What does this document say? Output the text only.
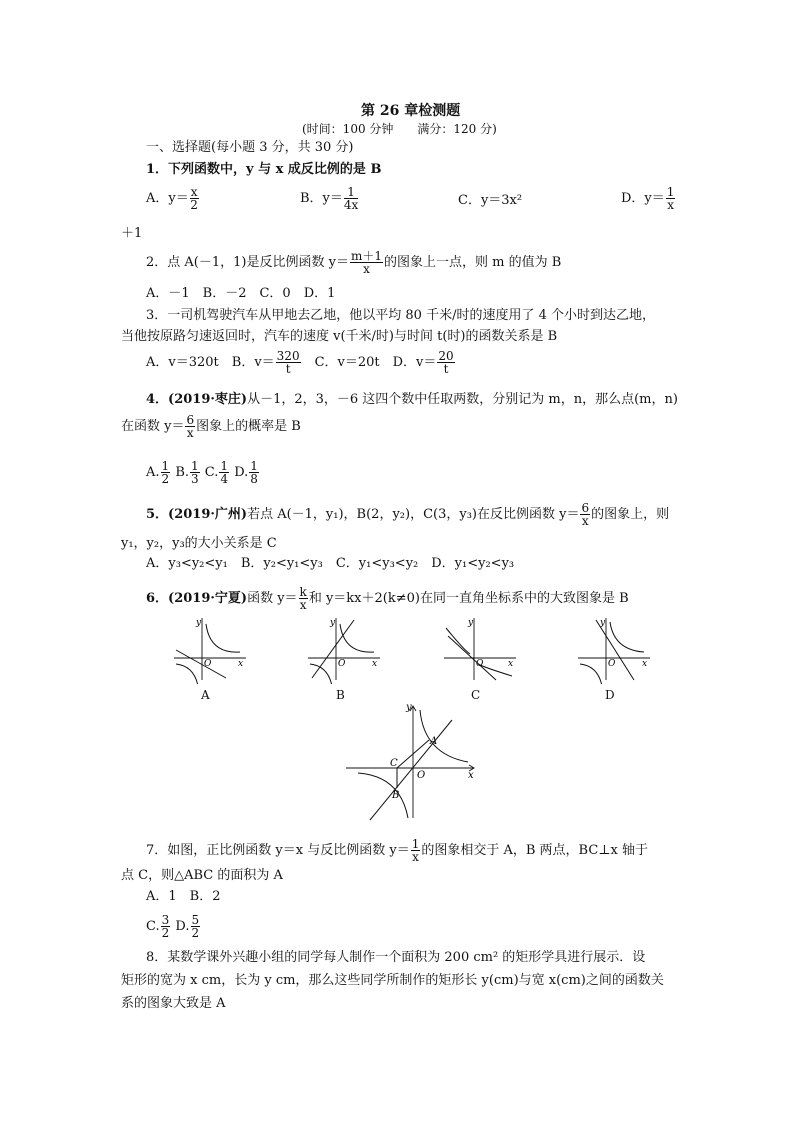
第 26 章检测题
(时间：100 分钟　　满分：120 分)
一、选择题(每小题 3 分，共 30 分)
1．下列函数中，y 与 x 成反比例的是 B
A．$y= \frac{x}{2}$	B．$y= \frac{1}{4x}$	C．y＝3x²	D．$y= \frac{1}{x}$
＋1
2．点 A(－1，1)是反比例函数 $y= \frac{m+1}{x}$ 的图象上一点，则 m 的值为 B
A．－1　B．－2　C．0　D．1
3．一司机驾驶汽车从甲地去乙地，他以平均 80 千米/时的速度用了 4 个小时到达乙地，
当他按原路匀速返回时，汽车的速度 v(千米/时)与时间 t(时)的函数关系是 B
A．v＝320t　B．$v= \frac{320}{t}$ 　C．v＝20t　D．$v= \frac{20}{t}$
4．(2019·枣庄)从－1，2，3，－6 这四个数中任取两数，分别记为 m，n，那么点(m，n)
在函数 $y= \frac{6}{x}$ 图象上的概率是 B
A. $\frac{1}{2} B$. $\frac{1}{3} C$. $\frac{1}{4} D$. $\frac{1}{8}$
5．(2019·广州)若点 A(－1，y₁)，B(2，y₂)，C(3，y₃)在反比例函数 $y= \frac{6}{x}$ 的图象上，则
y₁，y₂，y₃的大小关系是 C
A．y₃<y₂<y₁　B．y₂<y₁<y₃　C．y₁<y₃<y₂　D．y₁<y₂<y₃
6．(2019·宁夏)函数 $y= \frac{k}{x}$ 和 y＝kx＋2(k≠0)在同一直角坐标系中的大致图象是 B
y
x
O
A
y
x
O
B
y
x
O
C
y
x
O
D
y
x
O
A
B
C
7．如图，正比例函数 y＝x 与反比例函数 $y= \frac{1}{x}$ 的图象相交于 A，B 两点，BC⊥x 轴于
点 C，则△ABC 的面积为 A
A．1　B．2
C. $\frac{3}{2} D$. $\frac{5}{2}$
8．某数学课外兴趣小组的同学每人制作一个面积为 200 cm² 的矩形学具进行展示．设
矩形的宽为 x cm，长为 y cm，那么这些同学所制作的矩形长 y(cm)与宽 x(cm)之间的函数关
系的图象大致是 A
